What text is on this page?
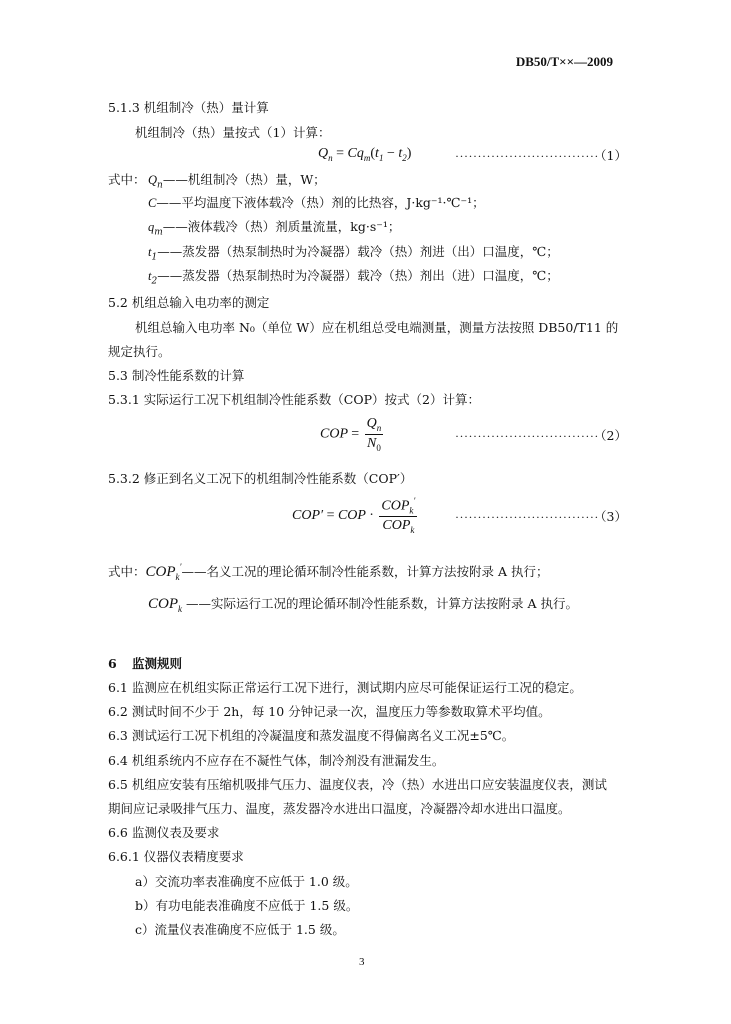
DB50/T××—2009
5.1.3 机组制冷（热）量计算
机组制冷（热）量按式（1）计算：
$Q_n = Cq_m(t_1 - t_2)$	································
（1）
式中： $Q_n——$机组制冷（热）量，W；
C——平均温度下液体载冷（热）剂的比热容，J·kg⁻¹·℃⁻¹；
$q_m——$液体载冷（热）剂质量流量，kg·s⁻¹；
$t_1——$蒸发器（热泵制热时为冷凝器）载冷（热）剂进（出）口温度，℃；
$t_2——$蒸发器（热泵制热时为冷凝器）载冷（热）剂出（进）口温度，℃；
5.2 机组总输入电功率的测定
机组总输入电功率 N₀（单位 W）应在机组总受电端测量，测量方法按照 DB50/T11 的
规定执行。
5.3 制冷性能系数的计算
5.3.1 实际运行工况下机组制冷性能系数（COP）按式（2）计算：
COP = $\frac{Q_n}{N_0}$	································
（2）
5.3.2 修正到名义工况下的机组制冷性能系数（COP′）
COP′ = COP · $\frac{COP_k'}{COP_k}$	································
（3）
式中：$COP_k'——$名义工况的理论循环制冷性能系数，计算方法按附录 A 执行；
$COP_k$ ——实际运行工况的理论循环制冷性能系数，计算方法按附录 A 执行。
6 监测规则
6.1 监测应在机组实际正常运行工况下进行，测试期内应尽可能保证运行工况的稳定。
6.2 测试时间不少于 2h，每 10 分钟记录一次，温度压力等参数取算术平均值。
6.3 测试运行工况下机组的冷凝温度和蒸发温度不得偏离名义工况±5℃。
6.4 机组系统内不应存在不凝性气体，制冷剂没有泄漏发生。
6.5 机组应安装有压缩机吸排气压力、温度仪表，冷（热）水进出口应安装温度仪表，测试
期间应记录吸排气压力、温度，蒸发器冷水进出口温度，冷凝器冷却水进出口温度。
6.6 监测仪表及要求
6.6.1 仪器仪表精度要求
a）交流功率表准确度不应低于 1.0 级。
b）有功电能表准确度不应低于 1.5 级。
c）流量仪表准确度不应低于 1.5 级。
3
